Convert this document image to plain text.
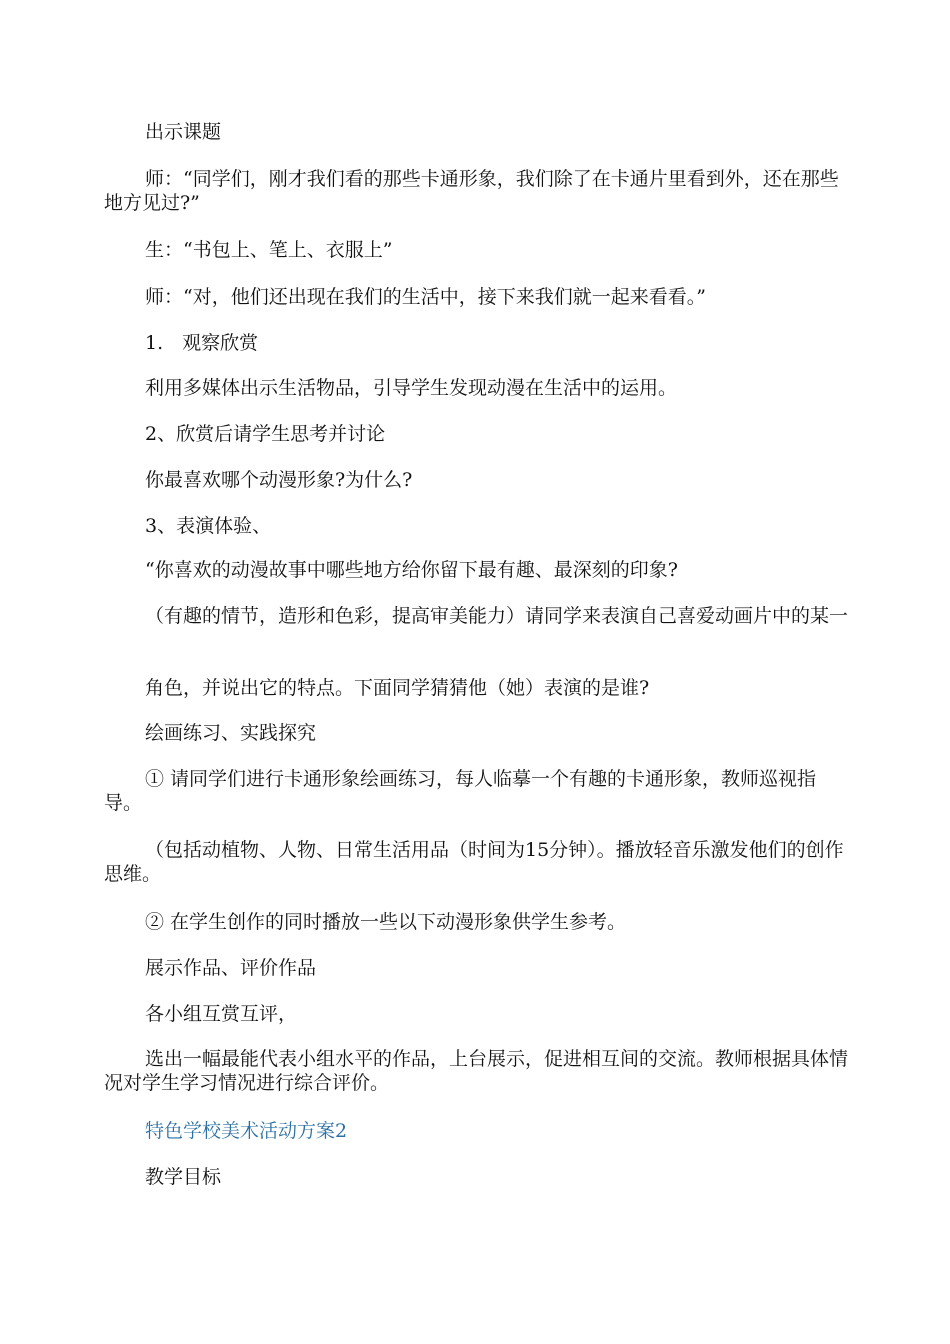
出示课题
师：“同学们，刚才我们看的那些卡通形象，我们除了在卡通片里看到外，还在那些地方见过?”
生：“书包上、笔上、衣服上”
师：“对，他们还出现在我们的生活中，接下来我们就一起来看看。”
1.　观察欣赏
利用多媒体出示生活物品，引导学生发现动漫在生活中的运用。
2、欣赏后请学生思考并讨论
你最喜欢哪个动漫形象?为什么?
3、表演体验、
“你喜欢的动漫故事中哪些地方给你留下最有趣、最深刻的印象?
（有趣的情节，造形和色彩，提高审美能力）请同学来表演自己喜爱动画片中的某一
角色，并说出它的特点。下面同学猜猜他（她）表演的是谁?
绘画练习、实践探究
① 请同学们进行卡通形象绘画练习，每人临摹一个有趣的卡通形象，教师巡视指导。
（包括动植物、人物、日常生活用品（时间为15分钟）。播放轻音乐激发他们的创作思维。
② 在学生创作的同时播放一些以下动漫形象供学生参考。
展示作品、评价作品
各小组互赏互评，
选出一幅最能代表小组水平的作品，上台展示，促进相互间的交流。教师根据具体情况对学生学习情况进行综合评价。
特色学校美术活动方案2
教学目标
